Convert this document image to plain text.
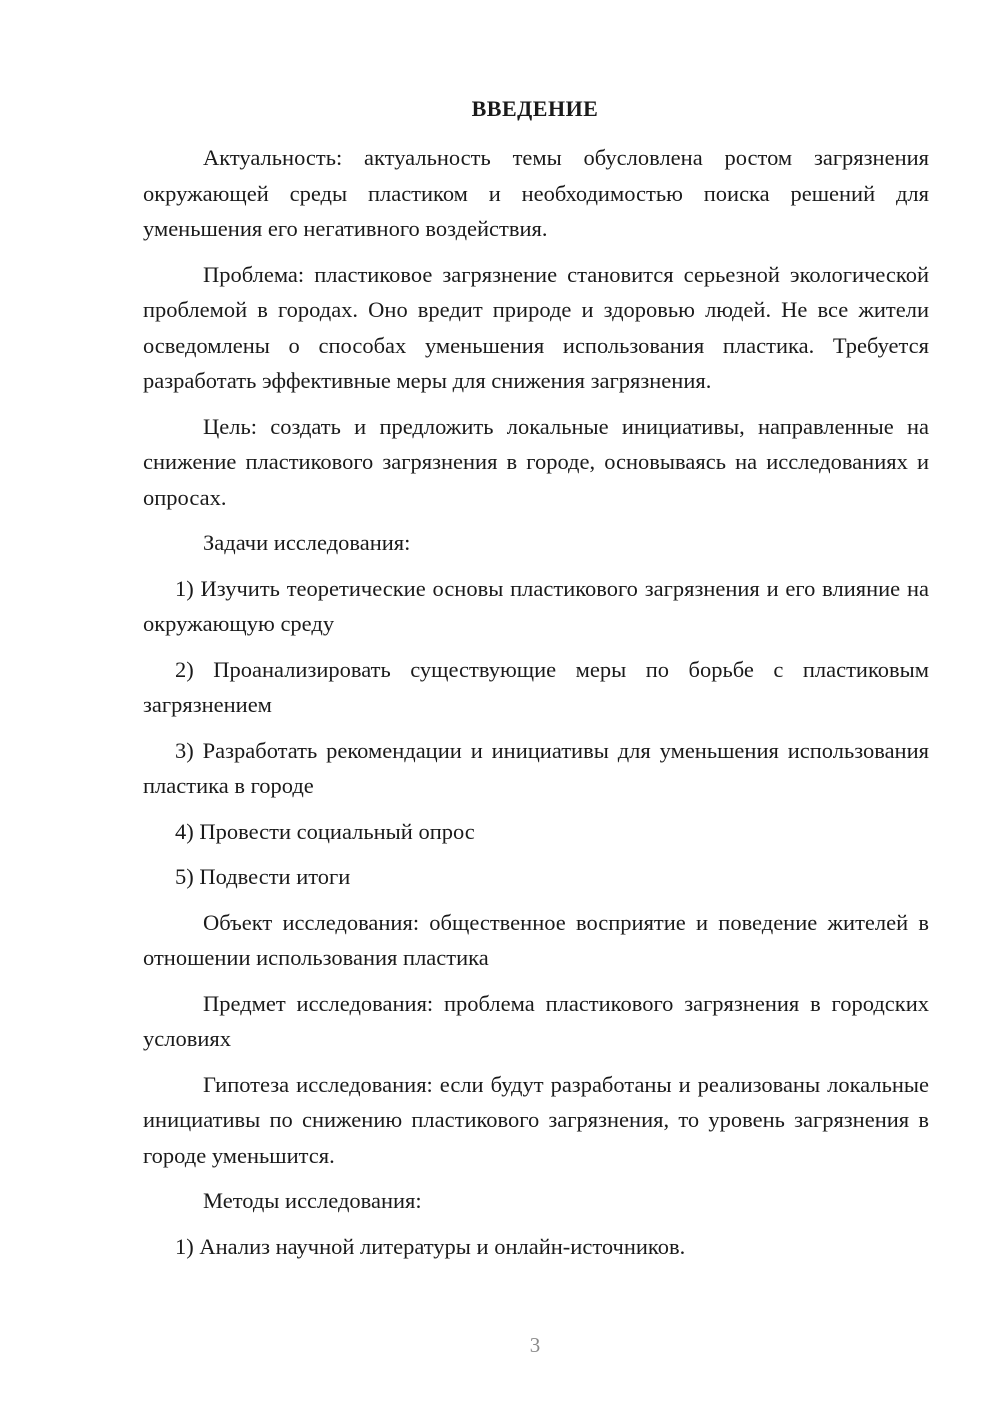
ВВЕДЕНИЕ

Актуальность: актуальность темы обусловлена ростом загрязнения окружающей среды пластиком и необходимостью поиска решений для уменьшения его негативного воздействия.

Проблема: пластиковое загрязнение становится серьезной экологической проблемой в городах. Оно вредит природе и здоровью людей. Не все жители осведомлены о способах уменьшения использования пластика. Требуется разработать эффективные меры для снижения загрязнения.

Цель: создать и предложить локальные инициативы, направленные на снижение пластикового загрязнения в городе, основываясь на исследованиях и опросах.

Задачи исследования:

1) Изучить теоретические основы пластикового загрязнения и его влияние на окружающую среду

2) Проанализировать существующие меры по борьбе с пластиковым загрязнением

3) Разработать рекомендации и инициативы для уменьшения использования пластика в городе

4) Провести социальный опрос

5) Подвести итоги

Объект исследования: общественное восприятие и поведение жителей в отношении использования пластика

Предмет исследования: проблема пластикового загрязнения в городских условиях

Гипотеза исследования: если будут разработаны и реализованы локальные инициативы по снижению пластикового загрязнения, то уровень загрязнения в городе уменьшится.

Методы исследования:

1) Анализ научной литературы и онлайн-источников.

3
